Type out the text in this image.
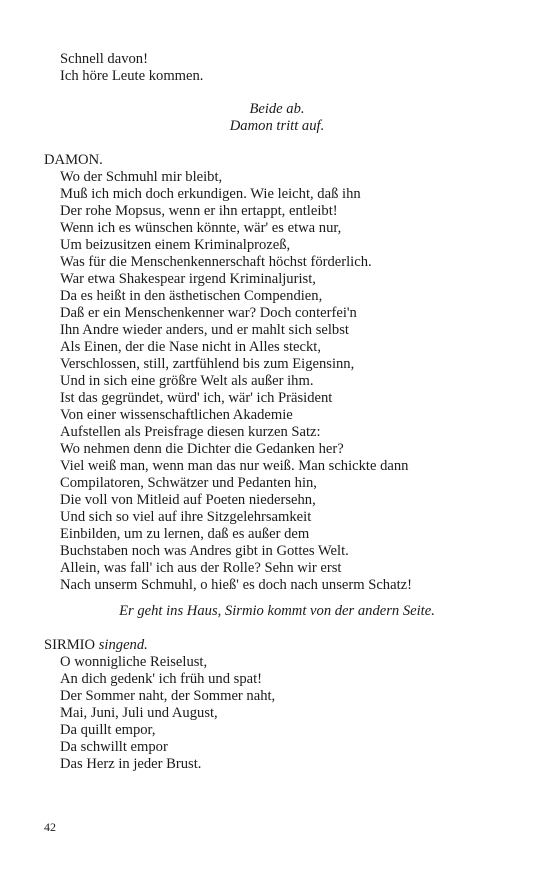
Schnell davon!
Ich höre Leute kommen.
Beide ab.
Damon tritt auf.
DAMON.
Wo der Schmuhl mir bleibt,
Muß ich mich doch erkundigen. Wie leicht, daß ihn
Der rohe Mopsus, wenn er ihn ertappt, entleibt!
Wenn ich es wünschen könnte, wär' es etwa nur,
Um beizusitzen einem Kriminalprozeß,
Was für die Menschenkennerschaft höchst förderlich.
War etwa Shakespear irgend Kriminaljurist,
Da es heißt in den ästhetischen Compendien,
Daß er ein Menschenkenner war? Doch conterfei'n
Ihn Andre wieder anders, und er mahlt sich selbst
Als Einen, der die Nase nicht in Alles steckt,
Verschlossen, still, zartfühlend bis zum Eigensinn,
Und in sich eine größre Welt als außer ihm.
Ist das gegründet, würd' ich, wär' ich Präsident
Von einer wissenschaftlichen Akademie
Aufstellen als Preisfrage diesen kurzen Satz:
Wo nehmen denn die Dichter die Gedanken her?
Viel weiß man, wenn man das nur weiß. Man schickte dann
Compilatoren, Schwätzer und Pedanten hin,
Die voll von Mitleid auf Poeten niedersehn,
Und sich so viel auf ihre Sitzgelehrsamkeit
Einbilden, um zu lernen, daß es außer dem
Buchstaben noch was Andres gibt in Gottes Welt.
Allein, was fall' ich aus der Rolle? Sehn wir erst
Nach unserm Schmuhl, o hieß' es doch nach unserm Schatz!
Er geht ins Haus, Sirmio kommt von der andern Seite.
SIRMIO singend.
O wonnigliche Reiselust,
An dich gedenk' ich früh und spat!
Der Sommer naht, der Sommer naht,
Mai, Juni, Juli und August,
Da quillt empor,
Da schwillt empor
Das Herz in jeder Brust.
42
